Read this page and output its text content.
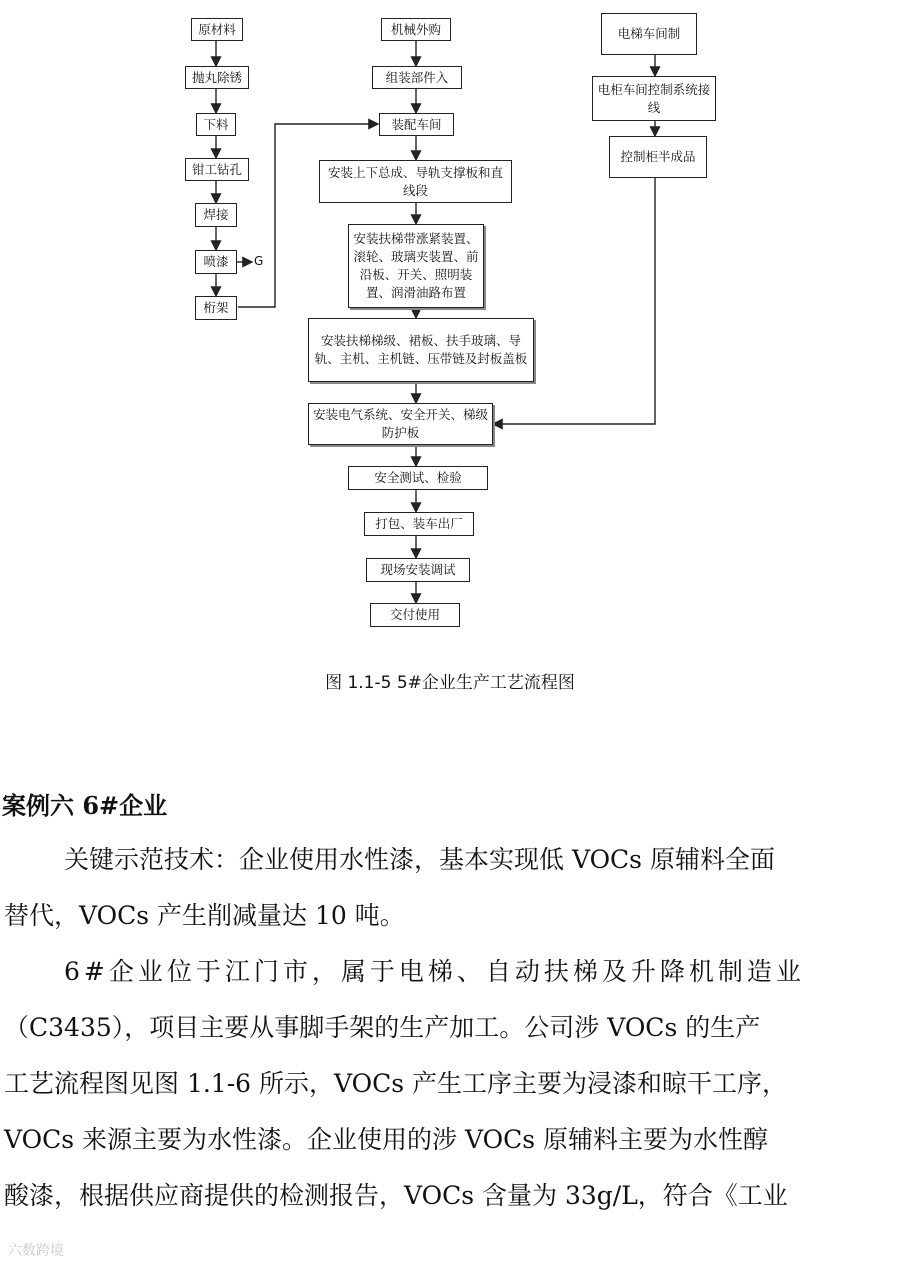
原材料
抛丸除锈
下料
钳工钻孔
焊接
喷漆	G
桁架
机械外购
组装部件入
装配车间
安装上下总成、导轨支撑板和直线段
安装扶梯带涨紧装置、滚轮、玻璃夹装置、前沿板、开关、照明装置、润滑油路布置
安装扶梯梯级、裙板、扶手玻璃、导轨、主机、主机链、压带链及封板盖板
安装电气系统、安全开关、梯级防护板
安全测试、检验
打包、装车出厂
现场安装调试
交付使用
电梯车间制
电柜车间控制系统接线
控制柜半成品
图 1.1-5 5#企业生产工艺流程图
案例六 6#企业
关键示范技术：企业使用水性漆，基本实现低 VOCs 原辅料全面
替代，VOCs 产生削减量达 10 吨。
6#企业位于江门市，属于电梯、自动扶梯及升降机制造业
（C3435），项目主要从事脚手架的生产加工。公司涉 VOCs 的生产
工艺流程图见图 1.1-6 所示，VOCs 产生工序主要为浸漆和晾干工序，
VOCs 来源主要为水性漆。企业使用的涉 VOCs 原辅料主要为水性醇
酸漆，根据供应商提供的检测报告，VOCs 含量为 33g/L，符合《工业
六数跨境
